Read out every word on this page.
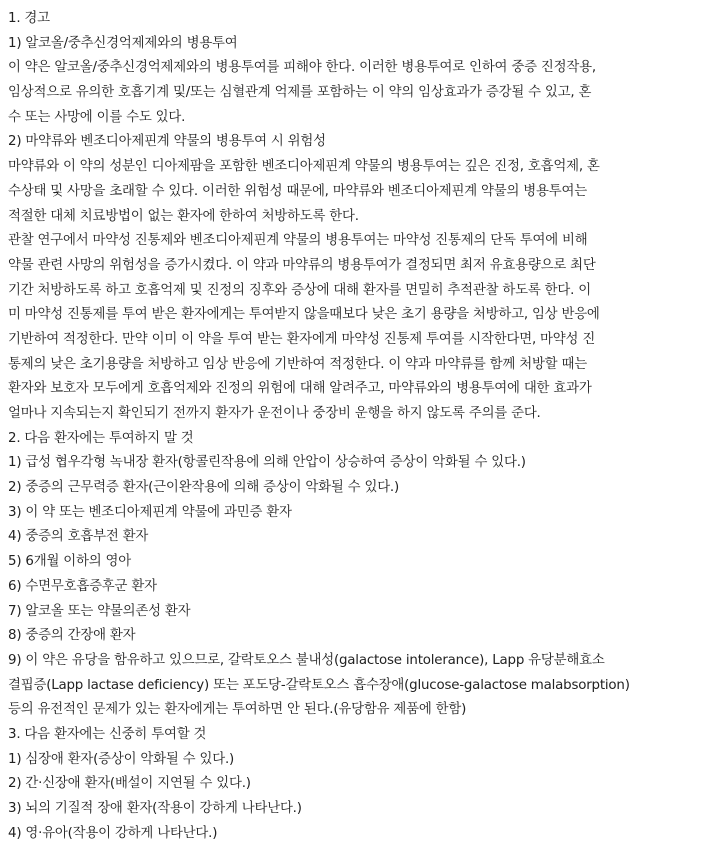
1. 경고
1) 알코올/중추신경억제제와의 병용투여
이 약은 알코올/중추신경억제제와의 병용투여를 피해야 한다. 이러한 병용투여로 인하여 중증 진정작용,
임상적으로 유의한 호흡기계 및/또는 심혈관계 억제를 포함하는 이 약의 임상효과가 증강될 수 있고, 혼
수 또는 사망에 이를 수도 있다.
2) 마약류와 벤조디아제핀계 약물의 병용투여 시 위험성
마약류와 이 약의 성분인 디아제팜을 포함한 벤조디아제핀계 약물의 병용투여는 깊은 진정, 호흡억제, 혼
수상태 및 사망을 초래할 수 있다. 이러한 위험성 때문에, 마약류와 벤조디아제핀계 약물의 병용투여는
적절한 대체 치료방법이 없는 환자에 한하여 처방하도록 한다.
관찰 연구에서 마약성 진통제와 벤조디아제핀계 약물의 병용투여는 마약성 진통제의 단독 투여에 비해
약물 관련 사망의 위험성을 증가시켰다. 이 약과 마약류의 병용투여가 결정되면 최저 유효용량으로 최단
기간 처방하도록 하고 호흡억제 및 진정의 징후와 증상에 대해 환자를 면밀히 추적관찰 하도록 한다. 이
미 마약성 진통제를 투여 받은 환자에게는 투여받지 않을때보다 낮은 초기 용량을 처방하고, 임상 반응에
기반하여 적정한다. 만약 이미 이 약을 투여 받는 환자에게 마약성 진통제 투여를 시작한다면, 마약성 진
통제의 낮은 초기용량을 처방하고 임상 반응에 기반하여 적정한다. 이 약과 마약류를 함께 처방할 때는
환자와 보호자 모두에게 호흡억제와 진정의 위험에 대해 알려주고, 마약류와의 병용투여에 대한 효과가
얼마나 지속되는지 확인되기 전까지 환자가 운전이나 중장비 운행을 하지 않도록 주의를 준다.
2. 다음 환자에는 투여하지 말 것
1) 급성 협우각형 녹내장 환자(항콜린작용에 의해 안압이 상승하여 증상이 악화될 수 있다.)
2) 중증의 근무력증 환자(근이완작용에 의해 증상이 악화될 수 있다.)
3) 이 약 또는 벤조디아제핀계 약물에 과민증 환자
4) 중증의 호흡부전 환자
5) 6개월 이하의 영아
6) 수면무호흡증후군 환자
7) 알코올 또는 약물의존성 환자
8) 중증의 간장애 환자
9) 이 약은 유당을 함유하고 있으므로, 갈락토오스 불내성(galactose intolerance), Lapp 유당분해효소
결핍증(Lapp lactase deficiency) 또는 포도당-갈락토오스 흡수장애(glucose-galactose malabsorption)
등의 유전적인 문제가 있는 환자에게는 투여하면 안 된다.(유당함유 제품에 한함)
3. 다음 환자에는 신중히 투여할 것
1) 심장애 환자(증상이 악화될 수 있다.)
2) 간·신장애 환자(배설이 지연될 수 있다.)
3) 뇌의 기질적 장애 환자(작용이 강하게 나타난다.)
4) 영·유아(작용이 강하게 나타난다.)
